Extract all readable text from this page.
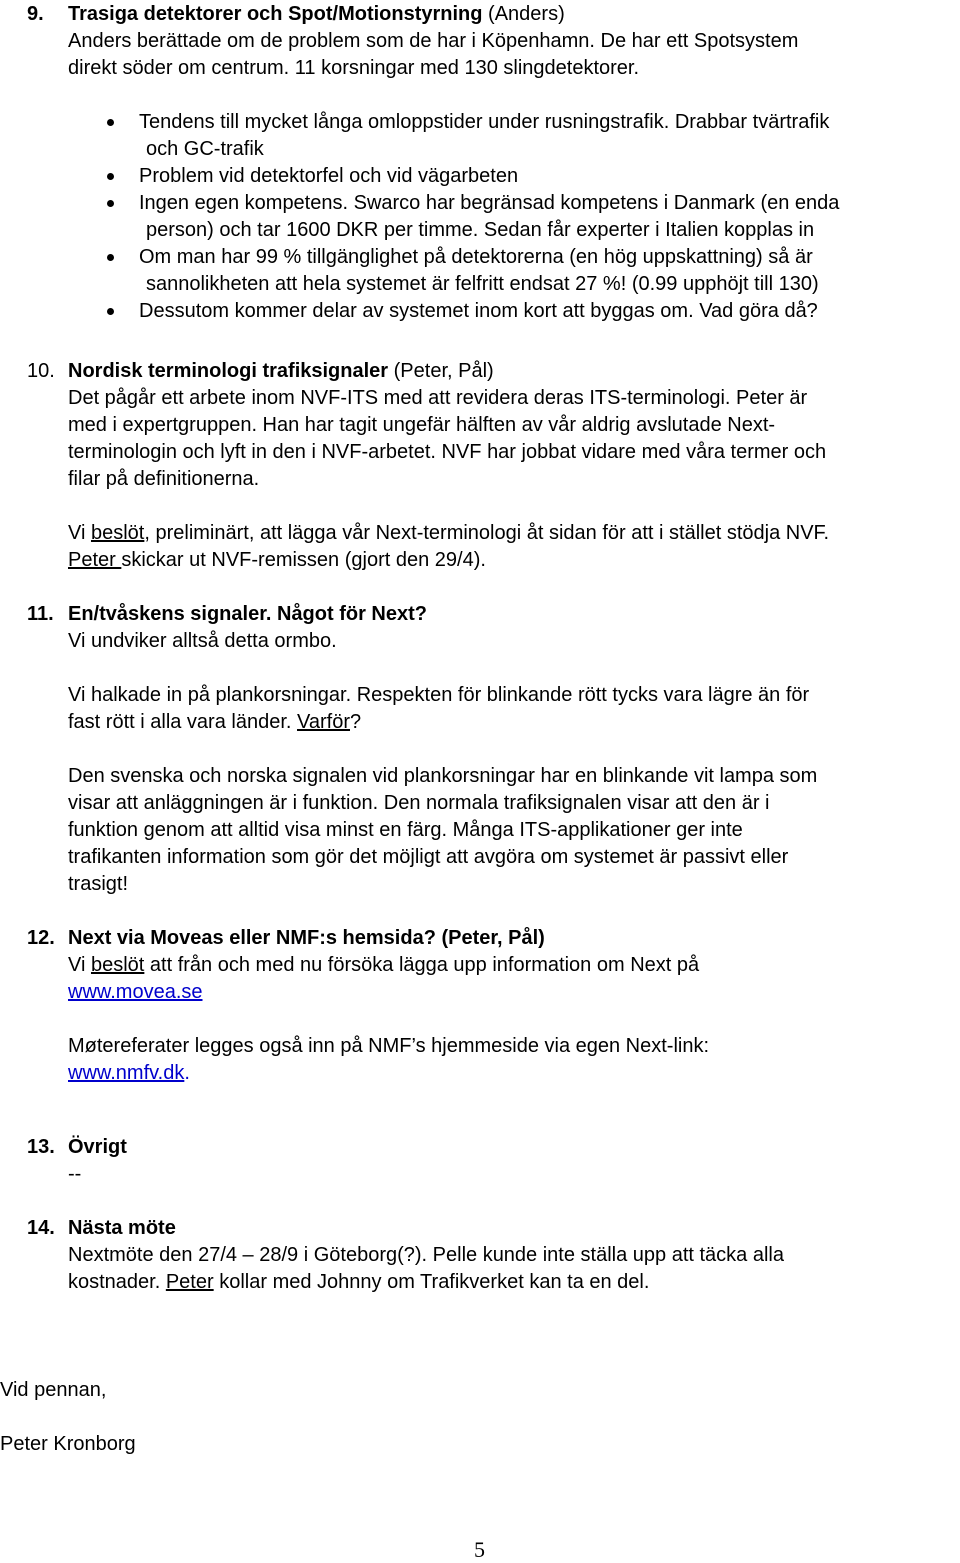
9. Trasiga detektorer och Spot/Motionstyrning (Anders)
Anders berättade om de problem som de har i Köpenhamn. De har ett Spotsystem
direkt söder om centrum. 11 korsningar med 130 slingdetektorer.
Tendens till mycket långa omloppstider under rusningstrafik. Drabbar tvärtrafik
och GC-trafik
Problem vid detektorfel och vid vägarbeten
Ingen egen kompetens. Swarco har begränsad kompetens i Danmark (en enda
person) och tar 1600 DKR per timme. Sedan får experter i Italien kopplas in
Om man har 99 % tillgänglighet på detektorerna (en hög uppskattning) så är
sannolikheten att hela systemet är felfritt endsat 27 %! (0.99 upphöjt till 130)
Dessutom kommer delar av systemet inom kort att byggas om. Vad göra då?
10. Nordisk terminologi trafiksignaler (Peter, Pål)
Det pågår ett arbete inom NVF-ITS med att revidera deras ITS-terminologi. Peter är
med i expertgruppen. Han har tagit ungefär hälften av vår aldrig avslutade Next-
terminologin och lyft in den i NVF-arbetet. NVF har jobbat vidare med våra termer och
filar på definitionerna.
Vi beslöt, preliminärt, att lägga vår Next-terminologi åt sidan för att i stället stödja NVF.
Peter skickar ut NVF-remissen (gjort den 29/4).
11. En/tvåskens signaler. Något för Next?
Vi undviker alltså detta ormbo.
Vi halkade in på plankorsningar. Respekten för blinkande rött tycks vara lägre än för
fast rött i alla vara länder. Varför?
Den svenska och norska signalen vid plankorsningar har en blinkande vit lampa som
visar att anläggningen är i funktion. Den normala trafiksignalen visar att den är i
funktion genom att alltid visa minst en färg. Många ITS-applikationer ger inte
trafikanten information som gör det möjligt att avgöra om systemet är passivt eller
trasigt!
12. Next via Moveas eller NMF:s hemsida? (Peter, Pål)
Vi beslöt att från och med nu försöka lägga upp information om Next på
www.movea.se
Møtereferater legges også inn på NMF’s hjemmeside via egen Next-link:
www.nmfv.dk.
13. Övrigt
--
14. Nästa möte
Nextmöte den 27/4 – 28/9 i Göteborg(?). Pelle kunde inte ställa upp att täcka alla
kostnader. Peter kollar med Johnny om Trafikverket kan ta en del.
Vid pennan,
Peter Kronborg
5
